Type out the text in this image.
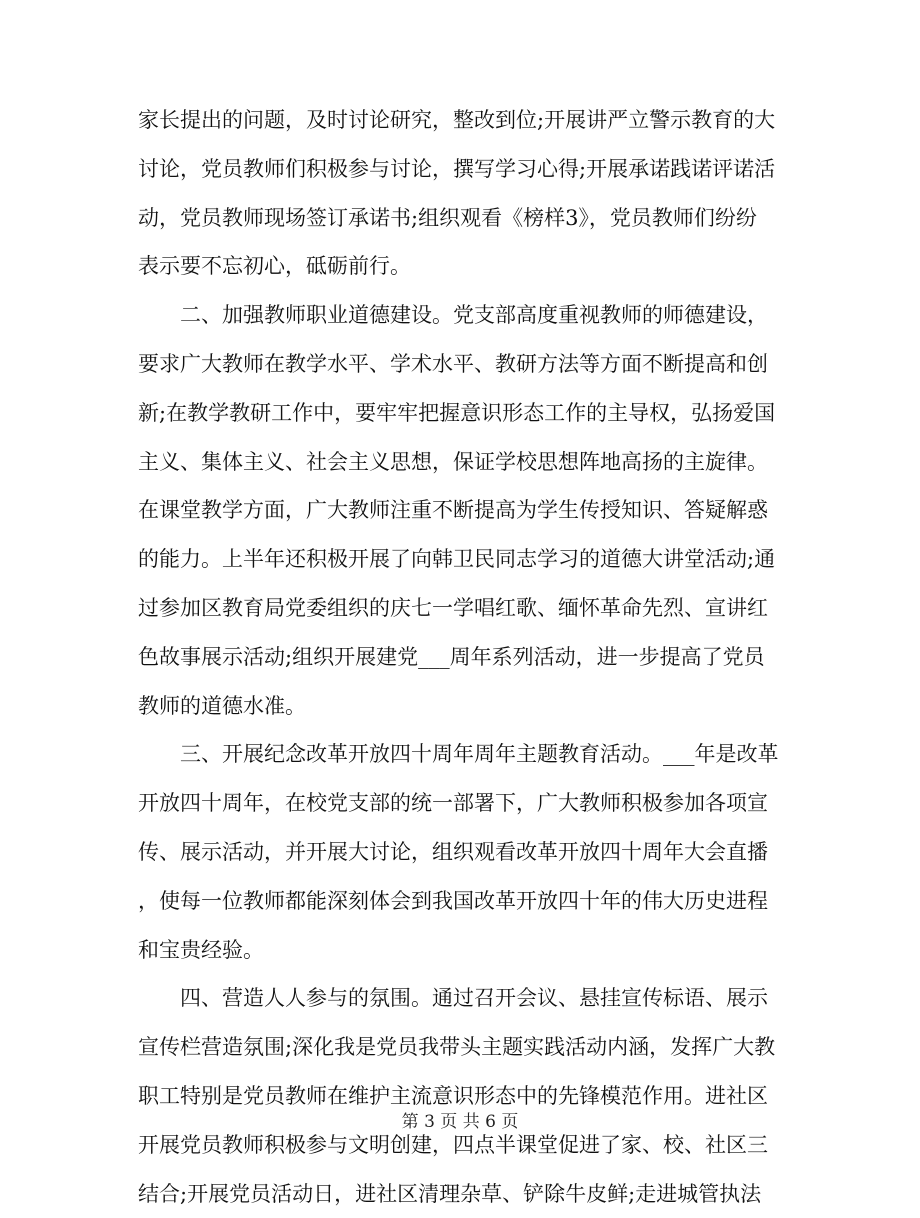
家长提出的问题，及时讨论研究，整改到位;开展讲严立警示教育的大
讨论，党员教师们积极参与讨论，撰写学习心得;开展承诺践诺评诺活
动，党员教师现场签订承诺书;组织观看《榜样3》，党员教师们纷纷
表示要不忘初心，砥砺前行。
二、加强教师职业道德建设。党支部高度重视教师的师德建设，
要求广大教师在教学水平、学术水平、教研方法等方面不断提高和创
新;在教学教研工作中，要牢牢把握意识形态工作的主导权，弘扬爱国
主义、集体主义、社会主义思想，保证学校思想阵地高扬的主旋律。
在课堂教学方面，广大教师注重不断提高为学生传授知识、答疑解惑
的能力。上半年还积极开展了向韩卫民同志学习的道德大讲堂活动;通
过参加区教育局党委组织的庆七一学唱红歌、缅怀革命先烈、宣讲红
色故事展示活动;组织开展建党___周年系列活动，进一步提高了党员
教师的道德水准。
三、开展纪念改革开放四十周年周年主题教育活动。___年是改革
开放四十周年，在校党支部的统一部署下，广大教师积极参加各项宣
传、展示活动，并开展大讨论，组织观看改革开放四十周年大会直播
，使每一位教师都能深刻体会到我国改革开放四十年的伟大历史进程
和宝贵经验。
四、营造人人参与的氛围。通过召开会议、悬挂宣传标语、展示
宣传栏营造氛围;深化我是党员我带头主题实践活动内涵，发挥广大教
职工特别是党员教师在维护主流意识形态中的先锋模范作用。进社区
开展党员教师积极参与文明创建，四点半课堂促进了家、校、社区三
结合;开展党员活动日，进社区清理杂草、铲除牛皮鲜;走进城管执法
第 3 页 共 6 页
